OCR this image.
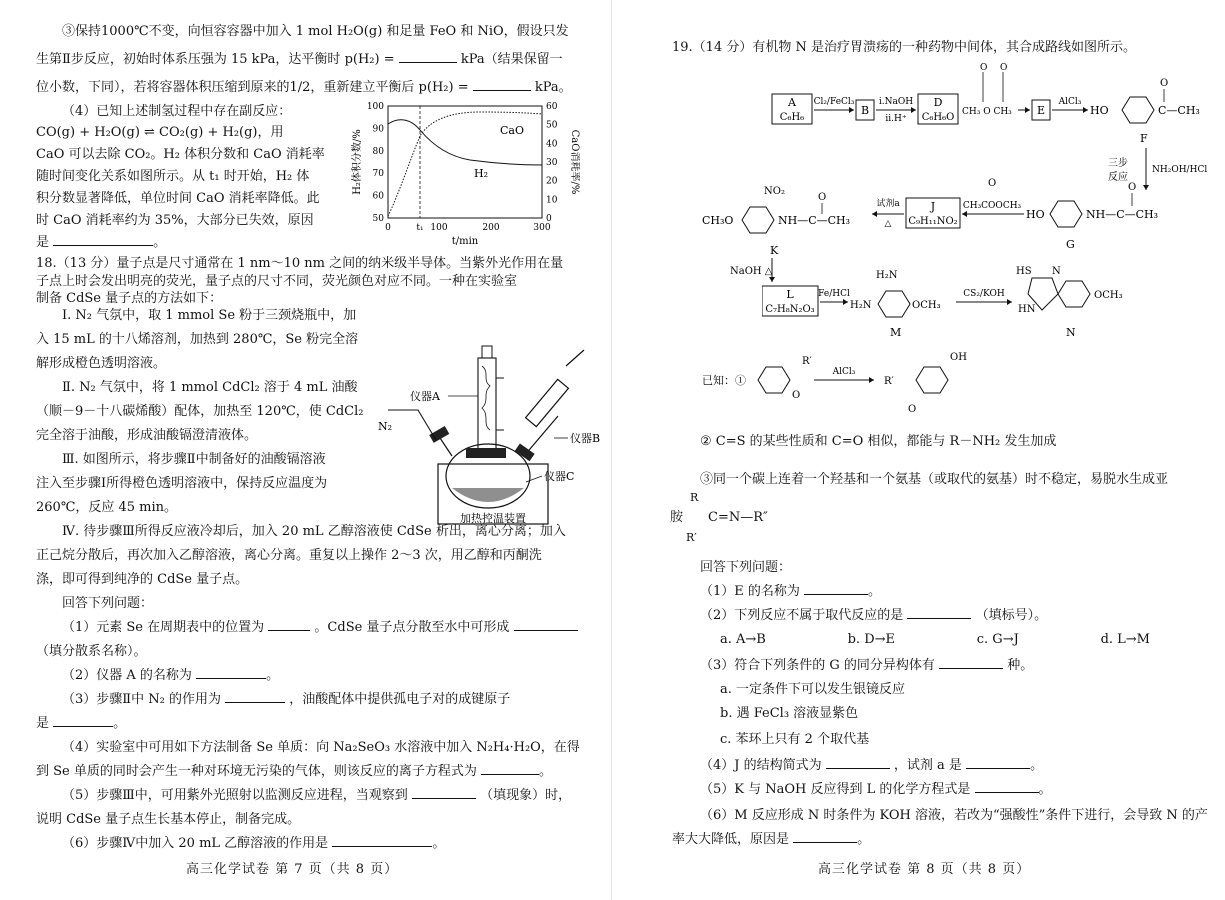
③保持1000℃不变，向恒容容器中加入 1 mol H₂O(g) 和足量 FeO 和 NiO，假设只发
生第Ⅱ步反应，初始时体系压强为 15 kPa，达平衡时 p(H₂) =	kPa（结果保留一
位小数，下同），若将容器体积压缩到原来的1/2，重新建立平衡后 p(H₂) =	kPa。
（4）已知上述制氢过程中存在副反应：
CO(g) + H₂O(g) ⇌ CO₂(g) + H₂(g)，用
CaO 可以去除 CO₂。H₂ 体积分数和 CaO 消耗率
随时间变化关系如图所示。从 t₁ 时开始，H₂ 体
积分数显著降低，单位时间 CaO 消耗率降低。此
时 CaO 消耗率约为 35%，大部分已失效，原因
是	。
H₂体积分数/%	CaO消耗率/%
50
60
70
80
90
100
0
10
20
30
40
50
60
0	t₁ 100	200	300
t/min
CaO
H₂
18.（13 分）量子点是尺寸通常在 1 nm～10 nm 之间的纳米级半导体。当紫外光作用在量
子点上时会发出明亮的荧光，量子点的尺寸不同，荧光颜色对应不同。一种在实验室
制备 CdSe 量子点的方法如下：
Ⅰ. N₂ 气氛中，取 1 mmol Se 粉于三颈烧瓶中，加
入 15 mL 的十八烯溶剂，加热到 280℃，Se 粉完全溶
解形成橙色透明溶液。
Ⅱ. N₂ 气氛中，将 1 mmol CdCl₂ 溶于 4 mL 油酸
（顺－9－十八碳烯酸）配体，加热至 120℃，使 CdCl₂
完全溶于油酸，形成油酸镉澄清液体。
Ⅲ. 如图所示，将步骤Ⅱ中制备好的油酸镉溶液
注入至步骤Ⅰ所得橙色透明溶液中，保持反应温度为
260℃，反应 45 min。
加热控温装置
N₂
仪器A
仪器B
仪器C
Ⅳ. 待步骤Ⅲ所得反应液冷却后，加入 20 mL 乙醇溶液使 CdSe 析出，离心分离；加入
正己烷分散后，再次加入乙醇溶液，离心分离。重复以上操作 2～3 次，用乙醇和丙酮洗
涤，即可得到纯净的 CdSe 量子点。
回答下列问题：
（1）元素 Se 在周期表中的位置为	。CdSe 量子点分散至水中可形成
（填分散系名称）。
（2）仪器 A 的名称为	。
（3）步骤Ⅱ中 N₂ 的作用为	，油酸配体中提供孤电子对的成键原子
是	。
（4）实验室中可用如下方法制备 Se 单质：向 Na₂SeO₃ 水溶液中加入 N₂H₄·H₂O，在得
到 Se 单质的同时会产生一种对环境无污染的气体，则该反应的离子方程式为	。
（5）步骤Ⅲ中，可用紫外光照射以监测反应进程，当观察到	（填现象）时，
说明 CdSe 量子点生长基本停止，制备完成。
高三化学试卷 第 7 页（共 8 页）
19.（14 分）有机物 N 是治疗胃溃疡的一种药物中间体，其合成路线如图所示。
A
C₆H₆
Cl₂/FeCl₃
B
i.NaOH
ii.H⁺
D
C₆H₆O CH₃ O CH₃
O O
E
AlCl₃
HO	C—CH₃
O
F
三步
反应
NH₂OH/HCl
HO	NH—C—CH₃
O
G
CH₃COOCH₃
O
J
C₉H₁₁NO₂
试剂a
△
L
C₇H₈N₂O₃
Fe/HCl
H₂N
H₂N
OCH₃
M
CS₂/KOH
HS N
HN
OCH₃
N
CH₃O
NO₂
NH—C—CH₃
O
K
NaOH △
已知：①
R′
O
AlCl₃
R′
OH
O
② C=S 的某些性质和 C=O 相似，都能与 R－NH₂ 发生加成
③同一个碳上连着一个羟基和一个氨基（或取代的氨基）时不稳定，易脱水生成亚
胺
R
C=N—R″
R′
回答下列问题：
（1）E 的名称为	。
（2）下列反应不属于取代反应的是	（填标号）。
a. A→B	b. D→E	c. G→J	d. L→M
（3）符合下列条件的 G 的同分异构体有	种。
a. 一定条件下可以发生银镜反应
b. 遇 FeCl₃ 溶液显紫色
c. 苯环上只有 2 个取代基
（4）J 的结构简式为	，试剂 a 是	。
（5）K 与 NaOH 反应得到 L 的化学方程式是	。
（6）M 反应形成 N 时条件为 KOH 溶液，若改为“强酸性”条件下进行，会导致 N 的产
率大大降低，原因是	。
高三化学试卷 第 8 页（共 8 页）
（6）步骤Ⅳ中加入 20 mL 乙醇溶液的作用是	。
